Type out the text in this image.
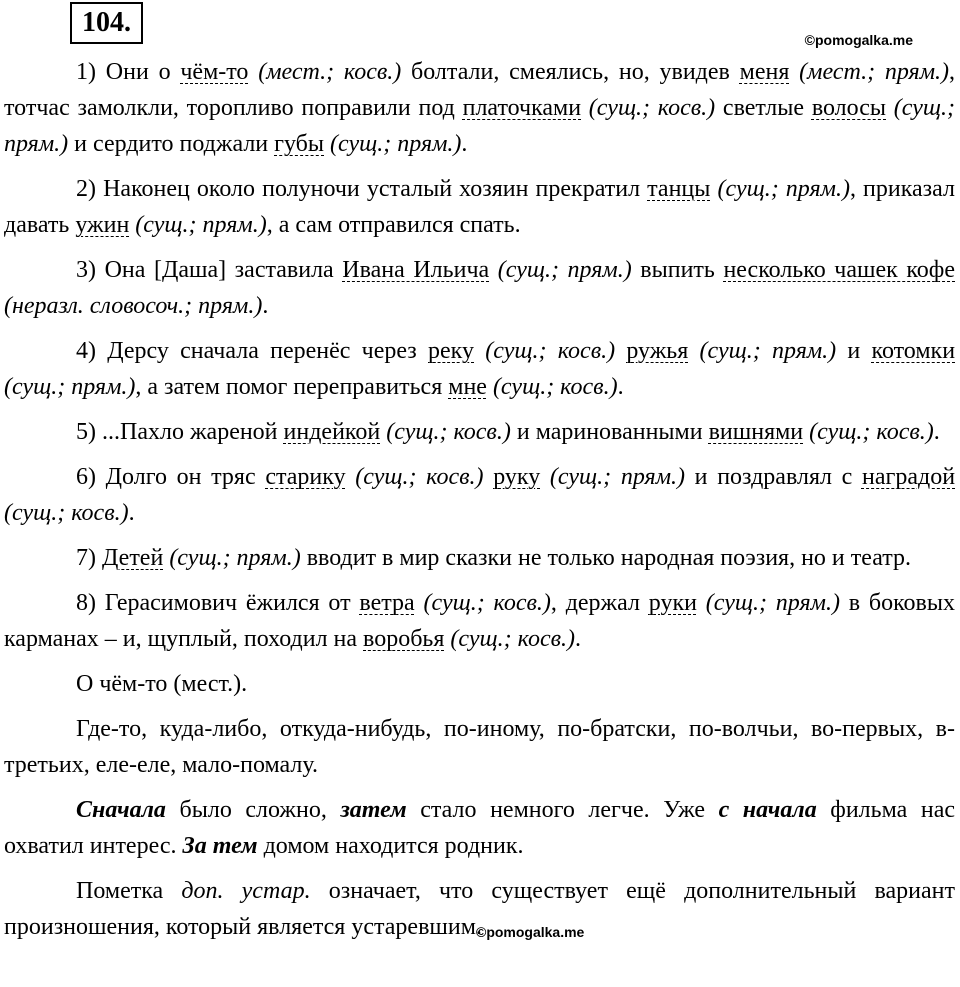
104.
©pomogalka.me
©pomogalka.me

1) Они о чём-то (мест.; косв.) болтали, смеялись, но, увидев меня (мест.; прям.), тотчас замолкли, торопливо поправили под платочками (сущ.; косв.) светлые волосы (сущ.; прям.) и сердито поджали губы (сущ.; прям.).

2) Наконец около полуночи усталый хозяин прекратил танцы (сущ.; прям.), приказал давать ужин (сущ.; прям.), а сам отправился спать.

3) Она [Даша] заставила Ивана Ильича (сущ.; прям.) выпить несколько чашек кофе (неразл. словосоч.; прям.).

4) Дерсу сначала перенёс через реку (сущ.; косв.) ружья (сущ.; прям.) и котомки (сущ.; прям.), а затем помог переправиться мне (сущ.; косв.).

5) ...Пахло жареной индейкой (сущ.; косв.) и маринованными вишнями (сущ.; косв.).

6) Долго он тряс старику (сущ.; косв.) руку (сущ.; прям.) и поздравлял с наградой (сущ.; косв.).

7) Детей (сущ.; прям.) вводит в мир сказки не только народная поэзия, но и театр.

8) Герасимович ёжился от ветра (сущ.; косв.), держал руки (сущ.; прям.) в боковых карманах – и, щуплый, походил на воробья (сущ.; косв.).

О чём-то (мест.).

Где-то, куда-либо, откуда-нибудь, по-иному, по-братски, по-волчьи, во-первых, в-третьих, еле-еле, мало-помалу.

Сначала было сложно, затем стало немного легче. Уже с начала фильма нас охватил интерес. За тем домом находится родник.

Пометка доп. устар. означает, что существует ещё дополнительный вариант произношения, который является устаревшим.
